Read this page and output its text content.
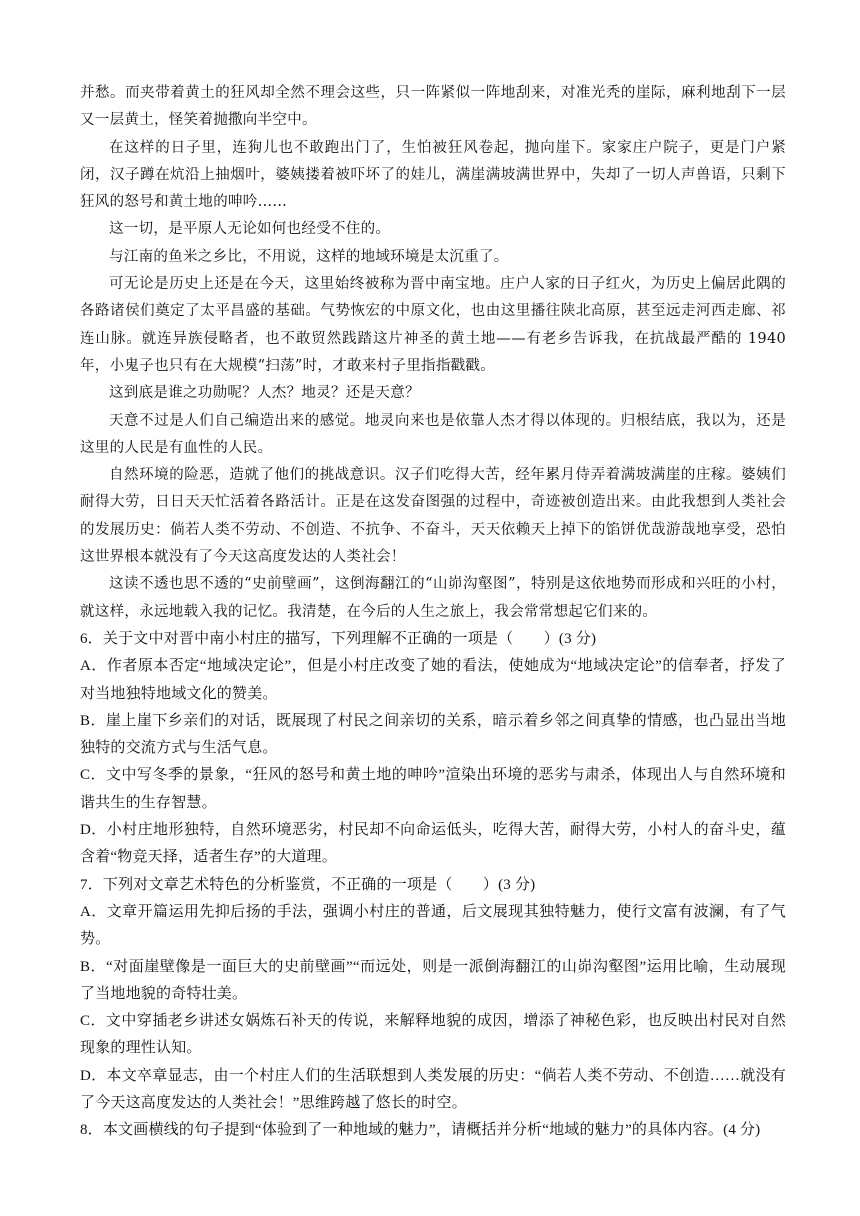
并愁。而夹带着黄土的狂风却全然不理会这些，只一阵紧似一阵地刮来，对准光秃的崖际，麻利地刮下一层又一层黄土，怪笑着抛撒向半空中。

在这样的日子里，连狗儿也不敢跑出门了，生怕被狂风卷起，抛向崖下。家家庄户院子，更是门户紧闭，汉子蹲在炕沿上抽烟叶，婆姨搂着被吓坏了的娃儿，满崖满坡满世界中，失却了一切人声兽语，只剩下狂风的怒号和黄土地的呻吟……

这一切，是平原人无论如何也经受不住的。

与江南的鱼米之乡比，不用说，这样的地域环境是太沉重了。

可无论是历史上还是在今天，这里始终被称为晋中南宝地。庄户人家的日子红火，为历史上偏居此隅的各路诸侯们奠定了太平昌盛的基础。气势恢宏的中原文化，也由这里播往陕北高原，甚至远走河西走廊、祁连山脉。就连异族侵略者，也不敢贸然践踏这片神圣的黄土地——有老乡告诉我，在抗战最严酷的 1940 年，小鬼子也只有在大规模“扫荡”时，才敢来村子里指指戳戳。

这到底是谁之功勋呢？人杰？地灵？还是天意？

天意不过是人们自己编造出来的感觉。地灵向来也是依靠人杰才得以体现的。归根结底，我以为，还是这里的人民是有血性的人民。

自然环境的险恶，造就了他们的挑战意识。汉子们吃得大苦，经年累月侍弄着满坡满崖的庄稼。婆姨们耐得大劳，日日天天忙活着各路活计。正是在这发奋图强的过程中，奇迹被创造出来。由此我想到人类社会的发展历史：倘若人类不劳动、不创造、不抗争、不奋斗，天天依赖天上掉下的馅饼优哉游哉地享受，恐怕这世界根本就没有了今天这高度发达的人类社会！

这读不透也思不透的“史前壁画”，这倒海翻江的“山峁沟壑图”，特别是这依地势而形成和兴旺的小村，就这样，永远地载入我的记忆。我清楚，在今后的人生之旅上，我会常常想起它们来的。

6．关于文中对晋中南小村庄的描写，下列理解不正确的一项是（　　）(3 分)

A．作者原本否定“地域决定论”，但是小村庄改变了她的看法，使她成为“地域决定论”的信奉者，抒发了对当地独特地域文化的赞美。

B．崖上崖下乡亲们的对话，既展现了村民之间亲切的关系，暗示着乡邻之间真挚的情感，也凸显出当地独特的交流方式与生活气息。

C．文中写冬季的景象，“狂风的怒号和黄土地的呻吟”渲染出环境的恶劣与肃杀，体现出人与自然环境和谐共生的生存智慧。

D．小村庄地形独特，自然环境恶劣，村民却不向命运低头，吃得大苦，耐得大劳，小村人的奋斗史，蕴含着“物竞天择，适者生存”的大道理。

7．下列对文章艺术特色的分析鉴赏，不正确的一项是（　　）(3 分)

A．文章开篇运用先抑后扬的手法，强调小村庄的普通，后文展现其独特魅力，使行文富有波澜，有了气势。

B．“对面崖壁像是一面巨大的史前壁画”“而远处，则是一派倒海翻江的山峁沟壑图”运用比喻，生动展现了当地地貌的奇特壮美。

C．文中穿插老乡讲述女娲炼石补天的传说，来解释地貌的成因，增添了神秘色彩，也反映出村民对自然现象的理性认知。

D．本文卒章显志，由一个村庄人们的生活联想到人类发展的历史：“倘若人类不劳动、不创造……就没有了今天这高度发达的人类社会！”思维跨越了悠长的时空。

8．本文画横线的句子提到“体验到了一种地域的魅力”，请概括并分析“地域的魅力”的具体内容。(4 分)
